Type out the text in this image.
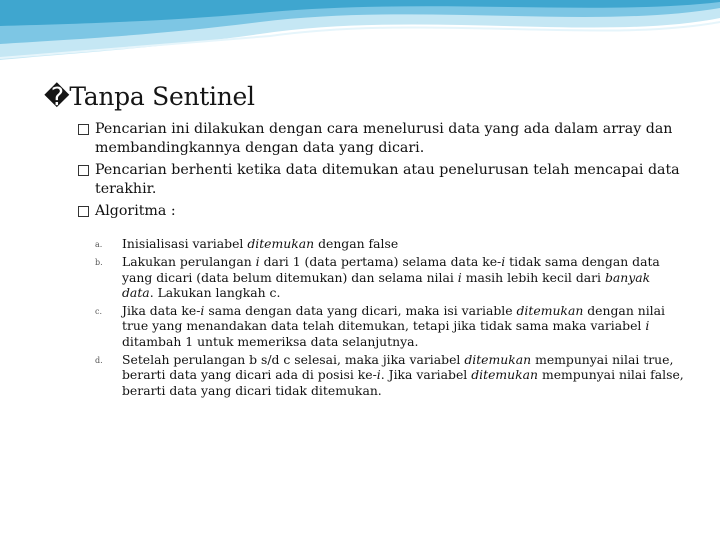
�Tanpa Sentinel
Pencarian ini dilakukan dengan cara menelurusi data yang ada dalam array dan membandingkannya dengan data yang dicari.
Pencarian berhenti ketika data ditemukan atau penelurusan telah mencapai data terakhir.
Algoritma :
a. Inisialisasi variabel ditemukan dengan false
b. Lakukan perulangan i dari 1 (data pertama) selama data ke-i tidak sama dengan data yang dicari (data belum ditemukan) dan selama nilai i masih lebih kecil dari banyak data. Lakukan langkah c.
c. Jika data ke-i sama dengan data yang dicari, maka isi variable ditemukan dengan nilai true yang menandakan data telah ditemukan, tetapi jika tidak sama maka variabel i ditambah 1 untuk memeriksa data selanjutnya.
d. Setelah perulangan b s/d c selesai, maka jika variabel ditemukan mempunyai nilai true, berarti data yang dicari ada di posisi ke-i. Jika variabel ditemukan mempunyai nilai false, berarti data yang dicari tidak ditemukan.
